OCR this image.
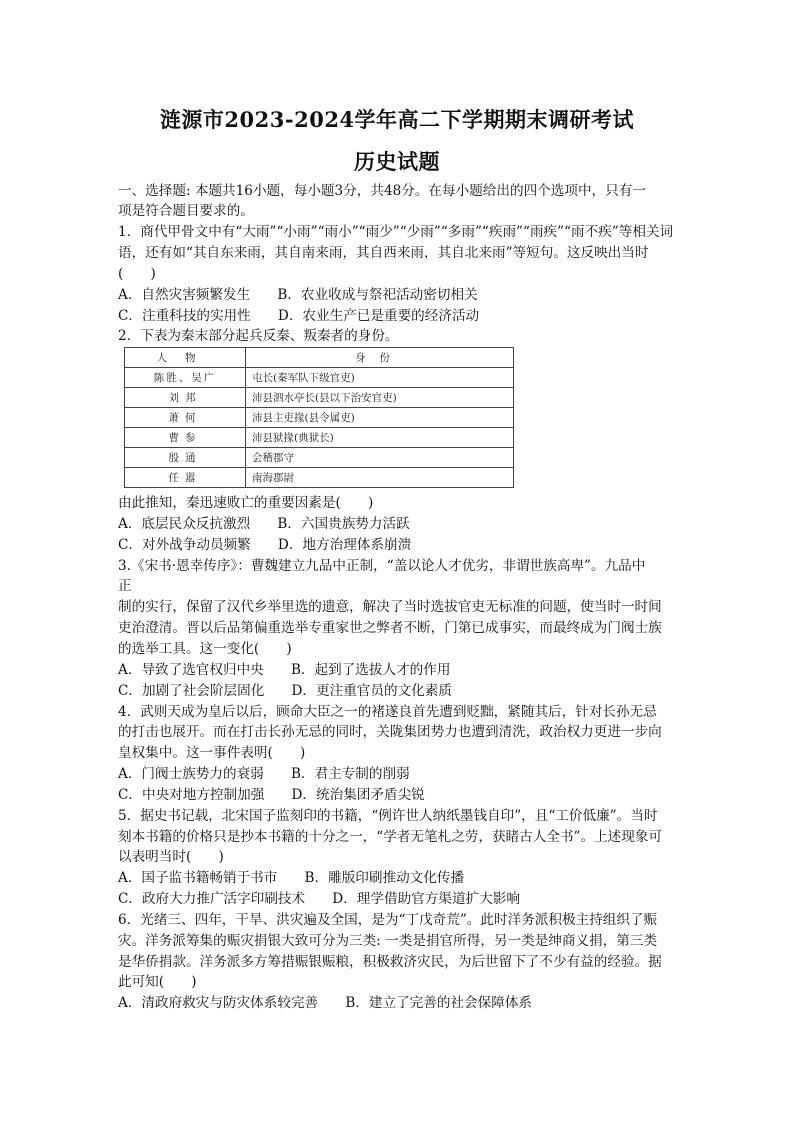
涟源市2023-2024学年高二下学期期末调研考试
历史试题
一、选择题: 本题共16小题，每小题3分，共48分。在每小题给出的四个选项中，只有一
项是符合题目要求的。
1．商代甲骨文中有“大雨”“小雨”“雨小”“雨少”“少雨”“多雨”“疾雨”“雨疾”“雨不疾”等相关词
语，还有如“其自东来雨，其自南来雨，其自西来雨，其自北来雨”等短句。这反映出当时
(　　)
A．自然灾害频繁发生　　B．农业收成与祭祀活动密切相关
C．注重科技的实用性　　D．农业生产已是重要的经济活动
2．下表为秦末部分起兵反秦、叛秦者的身份。
人物	身份
陈胜、吴广	屯长(秦军队下级官吏)
刘邦	沛县泗水亭长(县以下治安官吏)
萧何	沛县主吏掾(县令属吏)
曹参	沛县狱掾(典狱长)
殷通	会稽郡守
任嚣	南海郡尉
由此推知，秦迅速败亡的重要因素是(　　)
A．底层民众反抗激烈　　B．六国贵族势力活跃
C．对外战争动员频繁　　D．地方治理体系崩溃
3.《宋书·恩幸传序》：曹魏建立九品中正制，“盖以论人才优劣，非谓世族高卑”。九品中
正
制的实行，保留了汉代乡举里选的遗意，解决了当时选拔官吏无标准的问题，使当时一时间
吏治澄清。晋以后品第偏重选举专重家世之弊者不断，门第已成事实，而最终成为门阀士族
的选举工具。这一变化(　　)
A．导致了选官权归中央　　B．起到了选拔人才的作用
C．加剧了社会阶层固化　　D．更注重官员的文化素质
4．武则天成为皇后以后，顾命大臣之一的褚遂良首先遭到贬黜，紧随其后，针对长孙无忌
的打击也展开。而在打击长孙无忌的同时，关陇集团势力也遭到清洗，政治权力更进一步向
皇权集中。这一事件表明(　　)
A．门阀士族势力的衰弱　　B．君主专制的削弱
C．中央对地方控制加强　　D．统治集团矛盾尖锐
5．据史书记载，北宋国子监刻印的书籍，“例许世人纳纸墨钱自印”，且“工价低廉”。当时
刻本书籍的价格只是抄本书籍的十分之一，“学者无笔札之劳，获睹古人全书”。上述现象可
以表明当时(　　)
A．国子监书籍畅销于书市　　B．雕版印刷推动文化传播
C．政府大力推广活字印刷技术　　D．理学借助官方渠道扩大影响
6．光绪三、四年，干旱、洪灾遍及全国，是为“丁戊奇荒”。此时洋务派积极主持组织了赈
灾。洋务派筹集的赈灾捐银大致可分为三类: 一类是捐官所得，另一类是绅商义捐，第三类
是华侨捐款。洋务派多方筹措赈银赈粮，积极救济灾民，为后世留下了不少有益的经验。据
此可知(　　)
A．清政府救灾与防灾体系较完善　　B．建立了完善的社会保障体系
